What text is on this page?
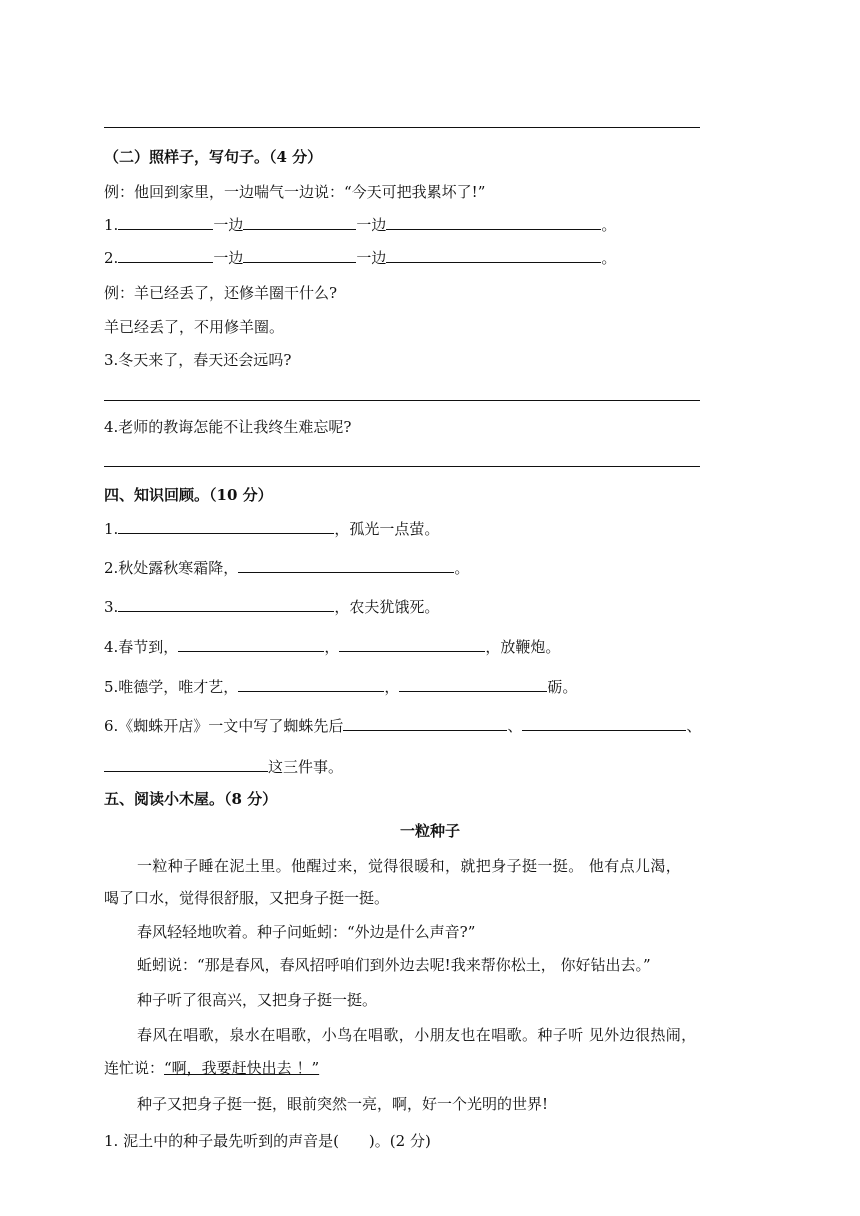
（二）照样子，写句子。（4 分）
例：他回到家里，一边喘气一边说：“今天可把我累坏了!”
1.	一边	一边	。
2.	一边	一边	。
例：羊已经丢了，还修羊圈干什么?
羊已经丢了，不用修羊圈。
3.冬天来了，春天还会远吗?
4.老师的教诲怎能不让我终生难忘呢?
四、知识回顾。（10 分）
1.	，孤光一点萤。
2.秋处露秋寒霜降，	。
3.	，农夫犹饿死。
4.春节到，	，	，放鞭炮。
5.唯德学，唯才艺，	，	砺。
6.《蜘蛛开店》一文中写了蜘蛛先后	、	、
这三件事。
五、阅读小木屋。（8 分）
一粒种子
一粒种子睡在泥土里。他醒过来，觉得很暖和，就把身子挺一挺。 他有点儿渴，
喝了口水，觉得很舒服，又把身子挺一挺。
春风轻轻地吹着。种子问蚯蚓：“外边是什么声音?”
蚯蚓说：“那是春风，春风招呼咱们到外边去呢!我来帮你松土， 你好钻出去。”
种子听了很高兴，又把身子挺一挺。
春风在唱歌，泉水在唱歌，小鸟在唱歌，小朋友也在唱歌。种子听 见外边很热闹，
连忙说：“啊，我要赶快出去 ！”
种子又把身子挺一挺，眼前突然一亮，啊，好一个光明的世界!
1. 泥土中的种子最先听到的声音是(　　)。(2 分)
